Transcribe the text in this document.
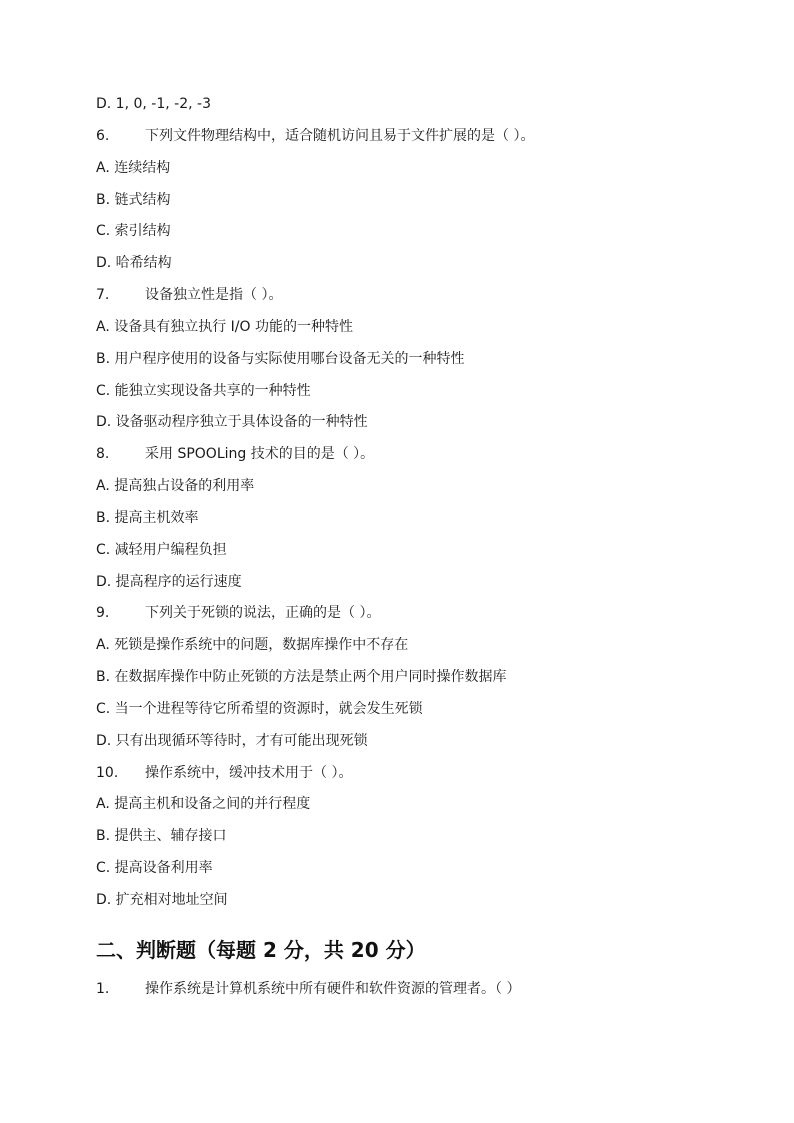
D. 1, 0, -1, -2, -3
6.	下列文件物理结构中，适合随机访问且易于文件扩展的是（ ）。
A. 连续结构
B. 链式结构
C. 索引结构
D. 哈希结构
7.	设备独立性是指（ ）。
A. 设备具有独立执行 I/O 功能的一种特性
B. 用户程序使用的设备与实际使用哪台设备无关的一种特性
C. 能独立实现设备共享的一种特性
D. 设备驱动程序独立于具体设备的一种特性
8.	采用 SPOOLing 技术的目的是（ ）。
A. 提高独占设备的利用率
B. 提高主机效率
C. 减轻用户编程负担
D. 提高程序的运行速度
9.	下列关于死锁的说法，正确的是（ ）。
A. 死锁是操作系统中的问题，数据库操作中不存在
B. 在数据库操作中防止死锁的方法是禁止两个用户同时操作数据库
C. 当一个进程等待它所希望的资源时，就会发生死锁
D. 只有出现循环等待时，才有可能出现死锁
10. 操作系统中，缓冲技术用于（ ）。
A. 提高主机和设备之间的并行程度
B. 提供主、辅存接口
C. 提高设备利用率
D. 扩充相对地址空间
二、判断题（每题 2 分，共 20 分）
1.	操作系统是计算机系统中所有硬件和软件资源的管理者。（ ）
